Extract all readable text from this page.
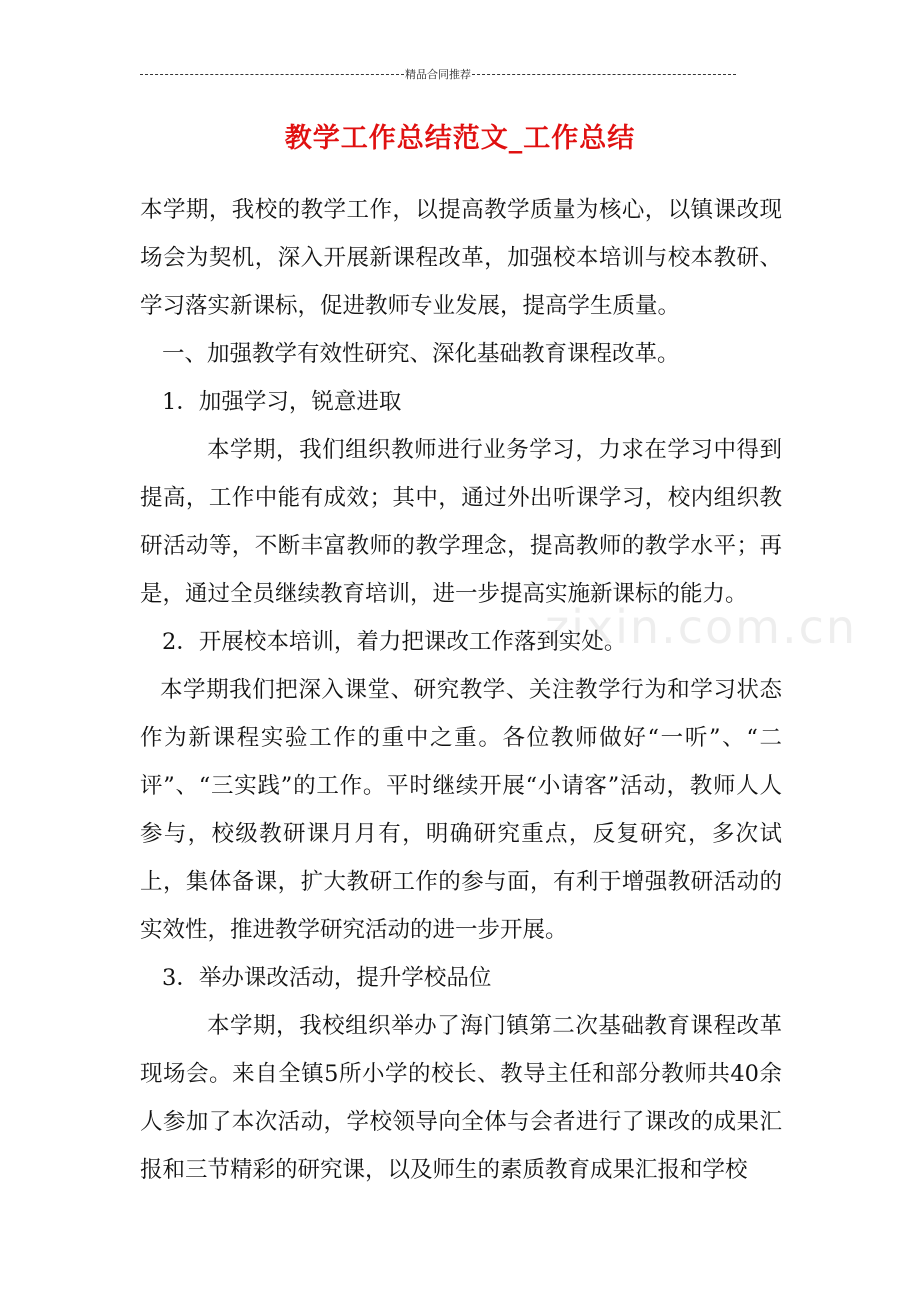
精品合同推荐
教学工作总结范文_工作总结
zixin.com.cn

本学期，我校的教学工作，以提高教学质量为核心，以镇课改现场会为契机，深入开展新课程改革，加强校本培训与校本教研、学习落实新课标，促进教师专业发展，提高学生质量。

一、加强教学有效性研究、深化基础教育课程改革。

1．加强学习，锐意进取

本学期，我们组织教师进行业务学习，力求在学习中得到提高，工作中能有成效；其中，通过外出听课学习，校内组织教研活动等，不断丰富教师的教学理念，提高教师的教学水平；再是，通过全员继续教育培训，进一步提高实施新课标的能力。

2．开展校本培训，着力把课改工作落到实处。

本学期我们把深入课堂、研究教学、关注教学行为和学习状态作为新课程实验工作的重中之重。各位教师做好“一听”、“二评”、“三实践”的工作。平时继续开展“小请客”活动，教师人人参与，校级教研课月月有，明确研究重点，反复研究，多次试上，集体备课，扩大教研工作的参与面，有利于增强教研活动的实效性，推进教学研究活动的进一步开展。

3．举办课改活动，提升学校品位

本学期，我校组织举办了海门镇第二次基础教育课程改革现场会。来自全镇5所小学的校长、教导主任和部分教师共40余人参加了本次活动，学校领导向全体与会者进行了课改的成果汇报和三节精彩的研究课，以及师生的素质教育成果汇报和学校
